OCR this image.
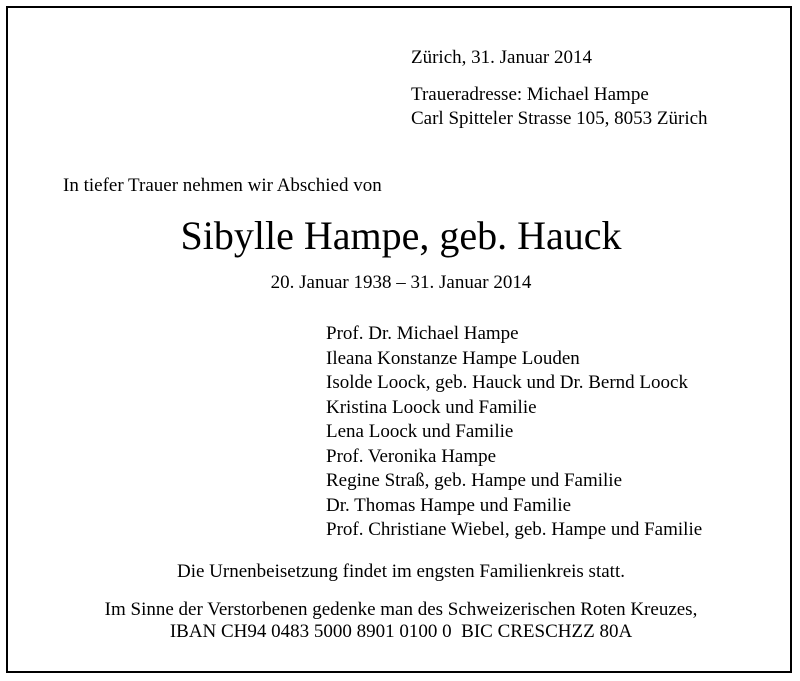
Zürich, 31. Januar 2014
Traueradresse: Michael Hampe
Carl Spitteler Strasse 105, 8053 Zürich
In tiefer Trauer nehmen wir Abschied von
Sibylle Hampe, geb. Hauck
20. Januar 1938 – 31. Januar 2014
Prof. Dr. Michael Hampe
Ileana Konstanze Hampe Louden
Isolde Loock, geb. Hauck und Dr. Bernd Loock
Kristina Loock und Familie
Lena Loock und Familie
Prof. Veronika Hampe
Regine Straß, geb. Hampe und Familie
Dr. Thomas Hampe und Familie
Prof. Christiane Wiebel, geb. Hampe und Familie
Die Urnenbeisetzung findet im engsten Familienkreis statt.
Im Sinne der Verstorbenen gedenke man des Schweizerischen Roten Kreuzes,
IBAN CH94 0483 5000 8901 0100 0  BIC CRESCHZZ 80A
